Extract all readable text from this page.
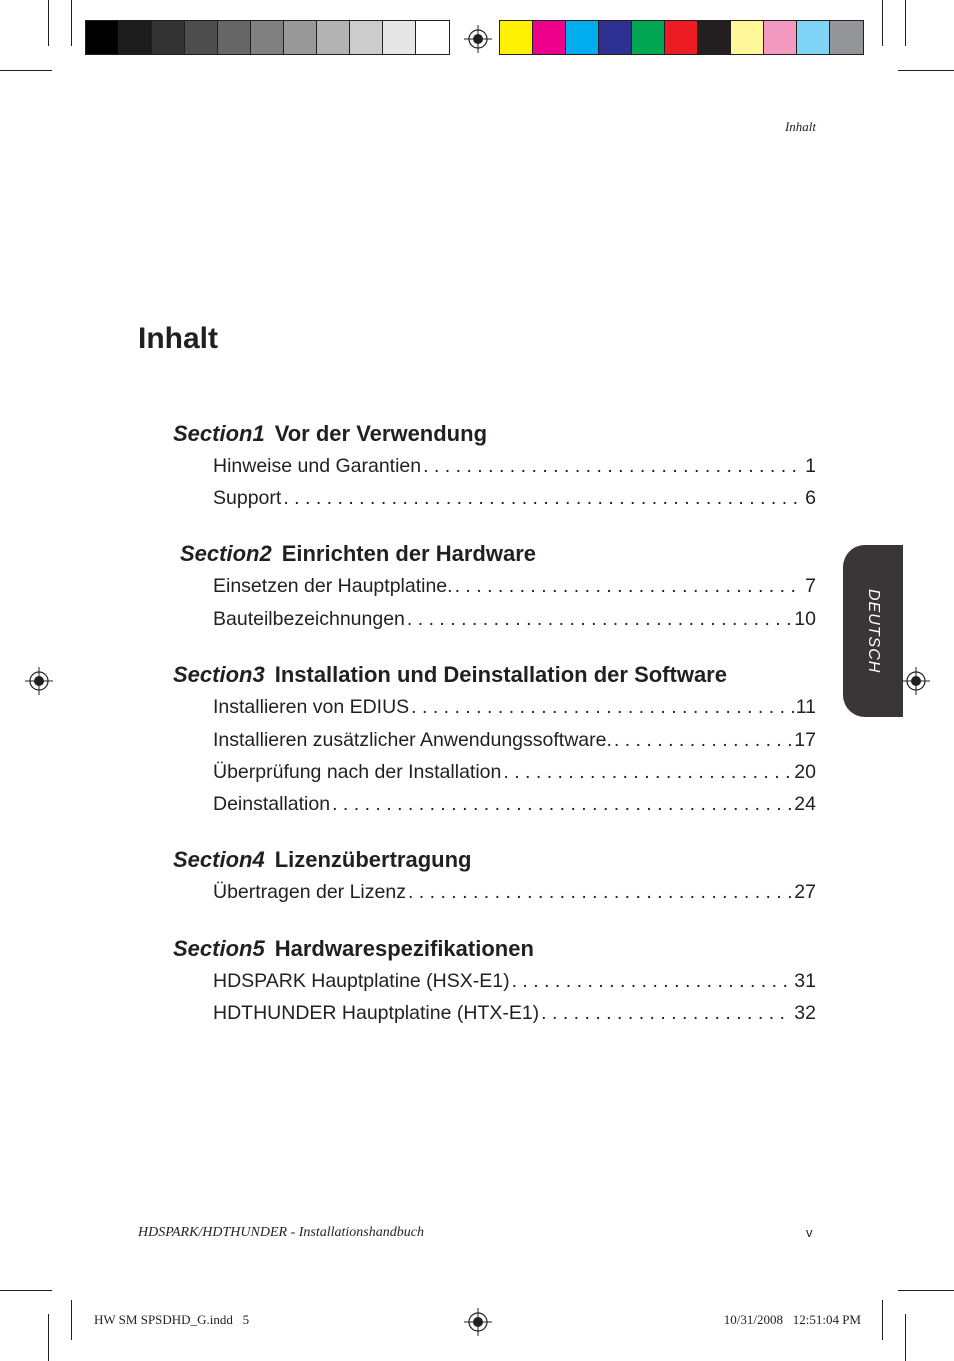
Inhalt
Inhalt
Section1 Vor der Verwendung
Hinweise und Garantien . . .	1
Support . . .	6
Section2 Einrichten der Hardware
Einsetzen der Hauptplatine. . . .	7
Bauteilbezeichnungen . . .	10
Section3 Installation und Deinstallation der Software
Installieren von EDIUS . . .	11
Installieren zusätzlicher Anwendungssoftware. . . .	17
Überprüfung nach der Installation . . .	20
Deinstallation . . .	24
Section4 Lizenzübertragung
Übertragen der Lizenz . . .	27
Section5 Hardwarespezifikationen
HDSPARK Hauptplatine (HSX-E1) . . .	31
HDTHUNDER Hauptplatine (HTX-E1) . . .	32
DEUTSCH
HDSPARK/HDTHUNDER - Installationshandbuch	v
HW SM SPSDHD_G.indd   5	10/31/2008   12:51:04 PM
